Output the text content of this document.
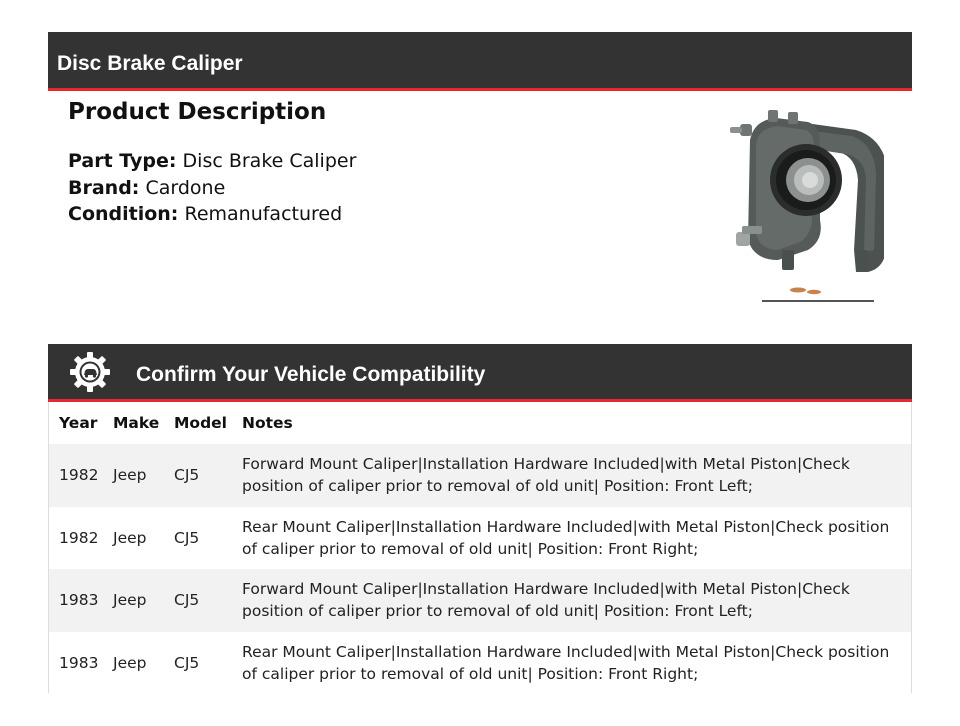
Disc Brake Caliper
Product Description
Part Type: Disc Brake Caliper
Brand: Cardone
Condition: Remanufactured
Confirm Your Vehicle Compatibility
Year	Make	Model	Notes
1982	Jeep	CJ5	Forward Mount Caliper|Installation Hardware Included|with Metal Piston|Check position of caliper prior to removal of old unit| Position: Front Left;
1982	Jeep	CJ5	Rear Mount Caliper|Installation Hardware Included|with Metal Piston|Check position of caliper prior to removal of old unit| Position: Front Right;
1983	Jeep	CJ5	Forward Mount Caliper|Installation Hardware Included|with Metal Piston|Check position of caliper prior to removal of old unit| Position: Front Left;
1983	Jeep	CJ5	Rear Mount Caliper|Installation Hardware Included|with Metal Piston|Check position of caliper prior to removal of old unit| Position: Front Right;
